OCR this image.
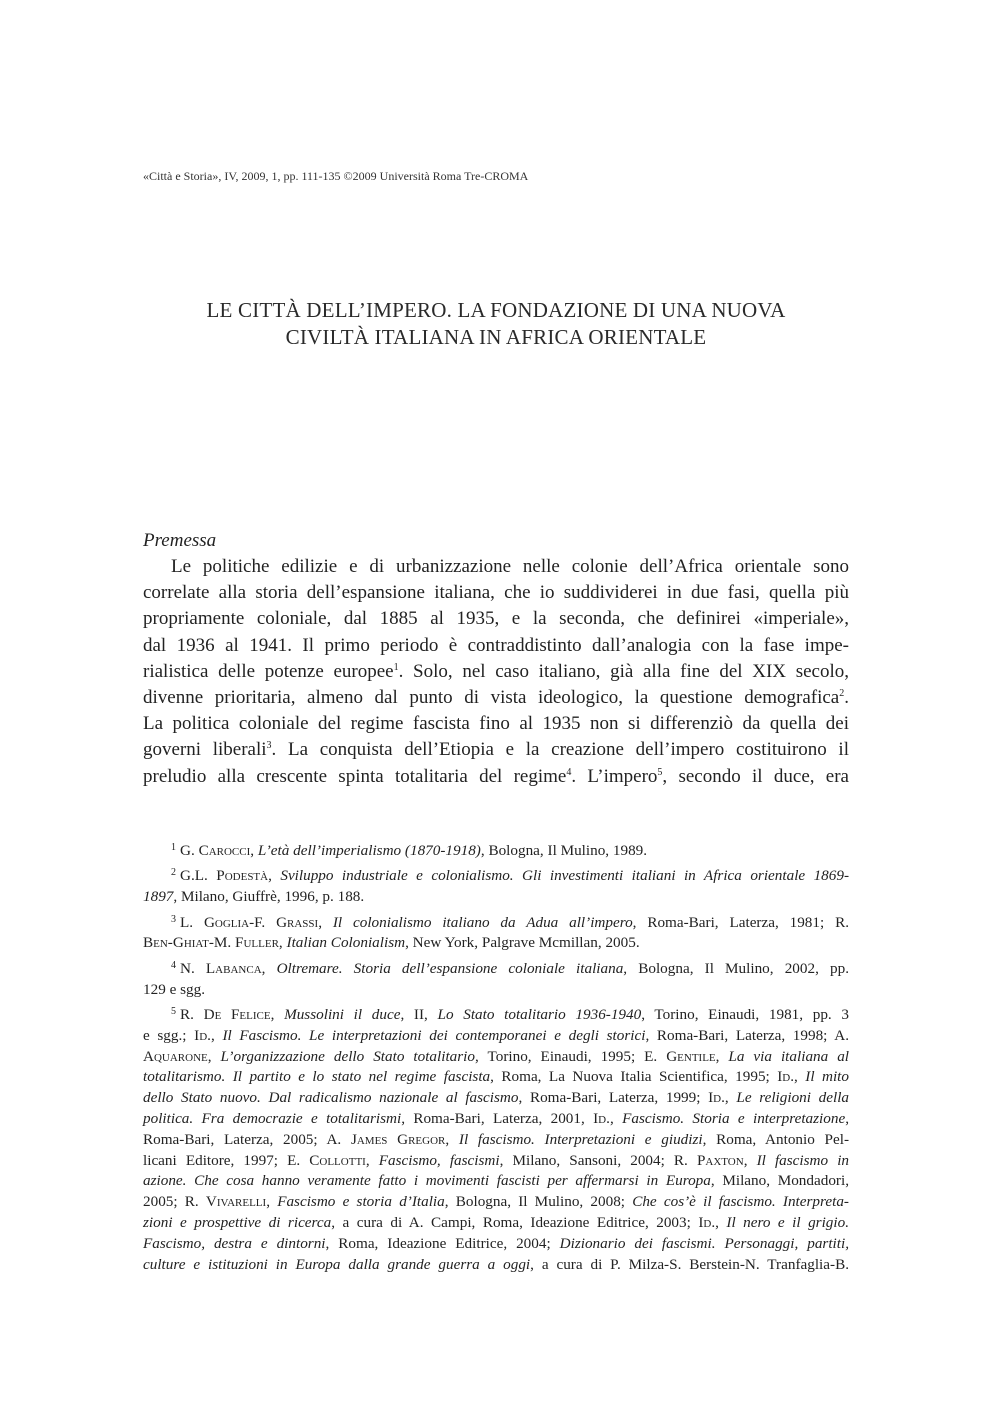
«Città e Storia», IV, 2009, 1, pp. 111-135 ©2009 Università Roma Tre-CROMA
LE CITTÀ DELL’IMPERO. LA FONDAZIONE DI UNA NUOVA
CIVILTÀ ITALIANA IN AFRICA ORIENTALE
Premessa
Le politiche edilizie e di urbanizzazione nelle colonie dell’Africa orientale sono
correlate alla storia dell’espansione italiana, che io suddividerei in due fasi, quella più
propriamente coloniale, dal 1885 al 1935, e la seconda, che definirei «imperiale»,
dal 1936 al 1941. Il primo periodo è contraddistinto dall’analogia con la fase impe-
rialistica delle potenze europee$^1$. Solo, nel caso italiano, già alla fine del XIX secolo,
divenne prioritaria, almeno dal punto di vista ideologico, la questione demografica$^2$.
La politica coloniale del regime fascista fino al 1935 non si differenziò da quella dei
governi liberali$^3$. La conquista dell’Etiopia e la creazione dell’impero costituirono il
preludio alla crescente spinta totalitaria del regime$^4$. L’impero$^5$, secondo il duce, era
$^1$ G. Carocci, L’età dell’imperialismo (1870-1918), Bologna, Il Mulino, 1989.
$^2$ G.L. Podestà, Sviluppo industriale e colonialismo. Gli investimenti italiani in Africa orientale 1869-
1897, Milano, Giuffrè, 1996, p. 188.
$^3$ L. Goglia-F. Grassi, Il colonialismo italiano da Adua all’impero, Roma-Bari, Laterza, 1981; R.
Ben-Ghiat-M. Fuller, Italian Colonialism, New York, Palgrave Mcmillan, 2005.
$^4$ N. Labanca, Oltremare. Storia dell’espansione coloniale italiana, Bologna, Il Mulino, 2002, pp.
129 e sgg.
$^5$ R. De Felice, Mussolini il duce, II, Lo Stato totalitario 1936-1940, Torino, Einaudi, 1981, pp. 3
e sgg.; Id., Il Fascismo. Le interpretazioni dei contemporanei e degli storici, Roma-Bari, Laterza, 1998; A.
Aquarone, L’organizzazione dello Stato totalitario, Torino, Einaudi, 1995; E. Gentile, La via italiana al
totalitarismo. Il partito e lo stato nel regime fascista, Roma, La Nuova Italia Scientifica, 1995; Id., Il mito
dello Stato nuovo. Dal radicalismo nazionale al fascismo, Roma-Bari, Laterza, 1999; Id., Le religioni della
politica. Fra democrazie e totalitarismi, Roma-Bari, Laterza, 2001, Id., Fascismo. Storia e interpretazione,
Roma-Bari, Laterza, 2005; A. James Gregor, Il fascismo. Interpretazioni e giudizi, Roma, Antonio Pel-
licani Editore, 1997; E. Collotti, Fascismo, fascismi, Milano, Sansoni, 2004; R. Paxton, Il fascismo in
azione. Che cosa hanno veramente fatto i movimenti fascisti per affermarsi in Europa, Milano, Mondadori,
2005; R. Vivarelli, Fascismo e storia d’Italia, Bologna, Il Mulino, 2008; Che cos’è il fascismo. Interpreta-
zioni e prospettive di ricerca, a cura di A. Campi, Roma, Ideazione Editrice, 2003; Id., Il nero e il grigio.
Fascismo, destra e dintorni, Roma, Ideazione Editrice, 2004; Dizionario dei fascismi. Personaggi, partiti,
culture e istituzioni in Europa dalla grande guerra a oggi, a cura di P. Milza-S. Berstein-N. Tranfaglia-B.
